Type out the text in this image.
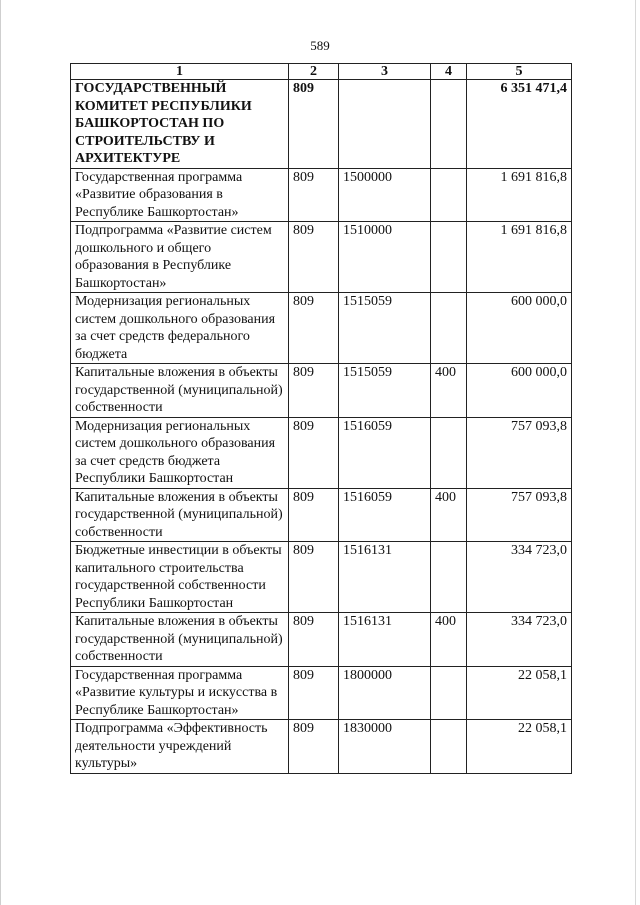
589
1	2	3	4	5
ГОСУДАРСТВЕННЫЙ КОМИТЕТ РЕСПУБЛИКИ БАШКОРТОСТАН ПО СТРОИТЕЛЬСТВУ И АРХИТЕКТУРЕ	809			6 351 471,4
Государственная программа «Развитие образования в Республике Башкортостан»	809	1500000		1 691 816,8
Подпрограмма «Развитие систем дошкольного и общего образования в Республике Башкортостан»	809	1510000		1 691 816,8
Модернизация региональных систем дошкольного образования за счет средств федерального бюджета	809	1515059		600 000,0
Капитальные вложения в объекты государственной (муниципальной) собственности	809	1515059	400	600 000,0
Модернизация региональных систем дошкольного образования за счет средств бюджета Республики Башкортостан	809	1516059		757 093,8
Капитальные вложения в объекты государственной (муниципальной) собственности	809	1516059	400	757 093,8
Бюджетные инвестиции в объекты капитального строительства государственной собственности Республики Башкортостан	809	1516131		334 723,0
Капитальные вложения в объекты государственной (муниципальной) собственности	809	1516131	400	334 723,0
Государственная программа «Развитие культуры и искусства в Республике Башкортостан»	809	1800000		22 058,1
Подпрограмма «Эффективность деятельности учреждений культуры»	809	1830000		22 058,1
